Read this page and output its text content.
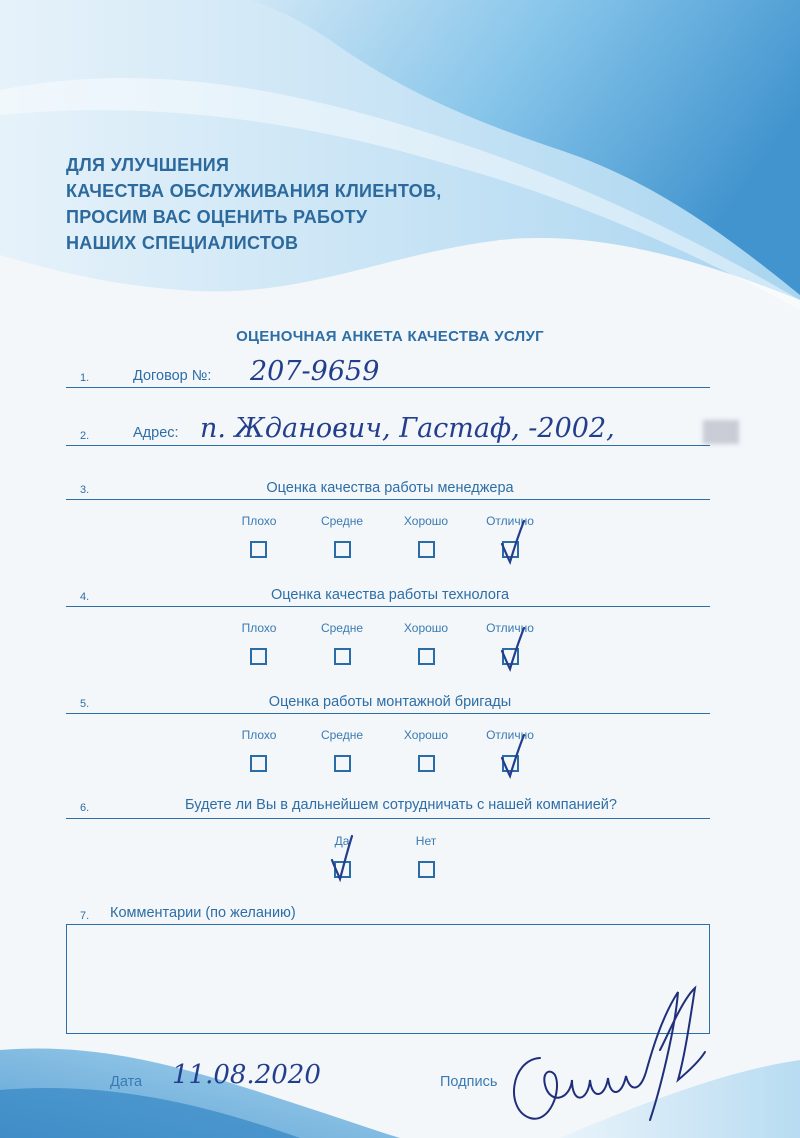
ДЛЯ УЛУЧШЕНИЯ
КАЧЕСТВА ОБСЛУЖИВАНИЯ КЛИЕНТОВ,
ПРОСИМ ВАС ОЦЕНИТЬ РАБОТУ
НАШИХ СПЕЦИАЛИСТОВ
ОЦЕНОЧНАЯ АНКЕТА КАЧЕСТВА УСЛУГ
1.	Договор №: 207-9659
2.	Адрес: п. Жданович, Гастаф, -2002,
3.	Оценка качества работы менеджера
Плохо	Средне	Хорошо	Отлично
4.	Оценка качества работы технолога
Плохо	Средне	Хорошо	Отлично
5.	Оценка работы монтажной бригады
Плохо	Средне	Хорошо	Отлично
6.	Будете ли Вы в дальнейшем сотрудничать с нашей компанией?
Да	Нет
7. Комментарии (по желанию)
Дата 11.08.2020	Подпись
